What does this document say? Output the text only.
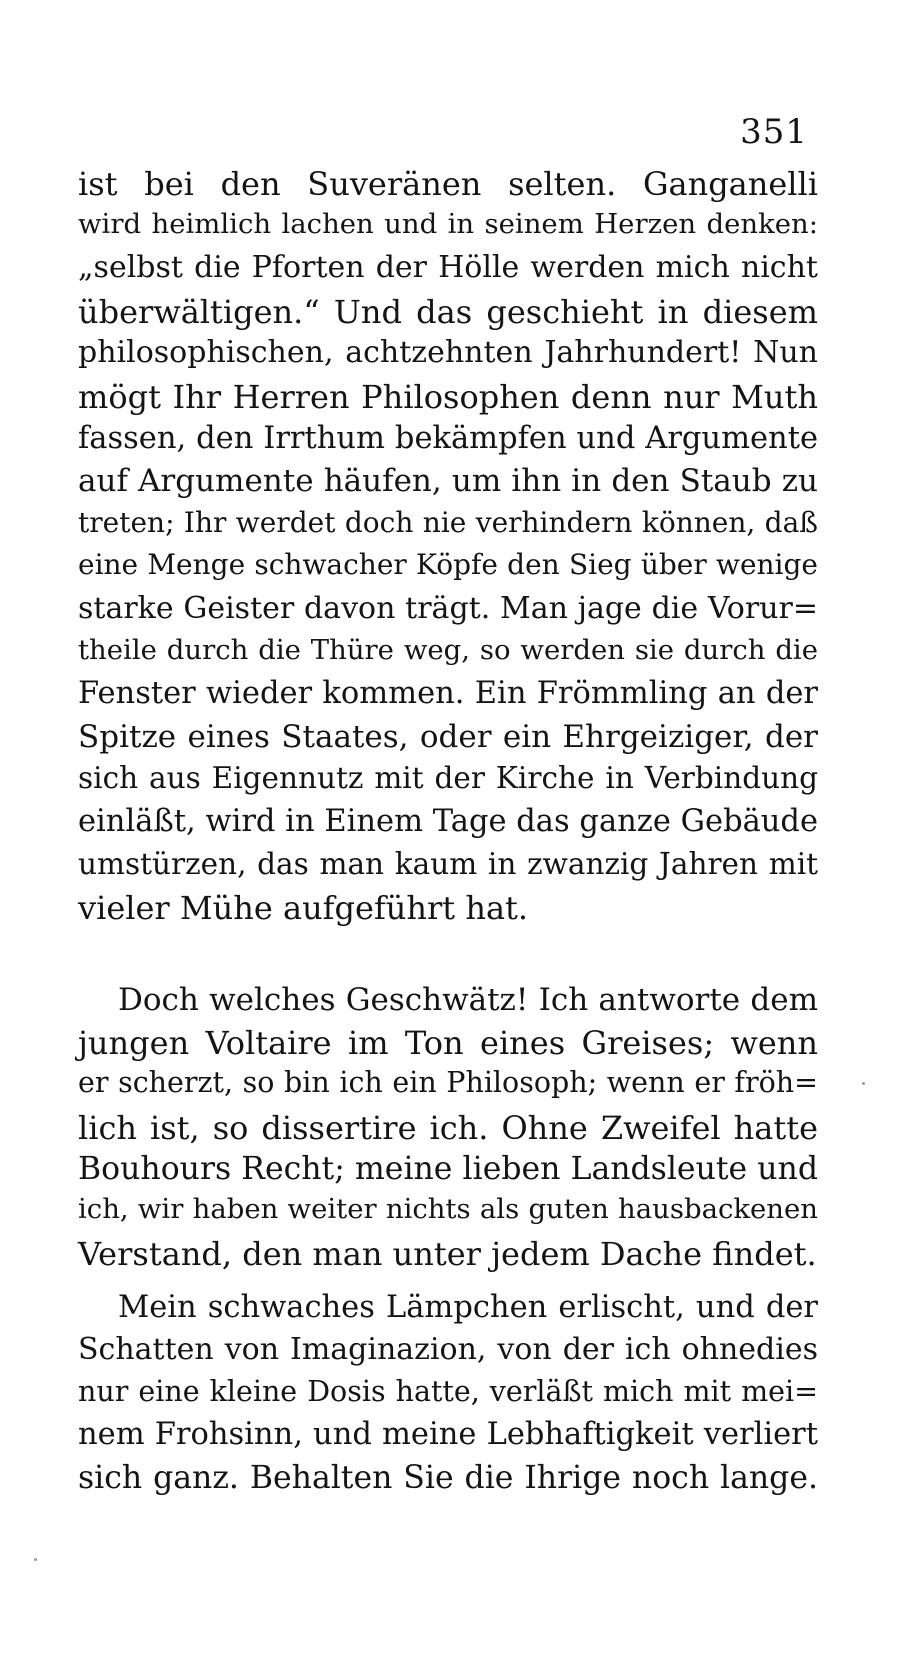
351
ist bei den Suveränen selten. Ganganelli
wird heimlich lachen und in seinem Herzen denken:
„selbst die Pforten der Hölle werden mich nicht
überwältigen.“ Und das geschieht in diesem
philosophischen, achtzehnten Jahrhundert! Nun
mögt Ihr Herren Philosophen denn nur Muth
fassen, den Irrthum bekämpfen und Argumente
auf Argumente häufen, um ihn in den Staub zu
treten; Ihr werdet doch nie verhindern können, daß
eine Menge schwacher Köpfe den Sieg über wenige
starke Geister davon trägt. Man jage die Vorur=
theile durch die Thüre weg, so werden sie durch die
Fenster wieder kommen. Ein Frömmling an der
Spitze eines Staates, oder ein Ehrgeiziger, der
sich aus Eigennutz mit der Kirche in Verbindung
einläßt, wird in Einem Tage das ganze Gebäude
umstürzen, das man kaum in zwanzig Jahren mit
vieler Mühe aufgeführt hat.
Doch welches Geschwätz! Ich antworte dem
jungen Voltaire im Ton eines Greises; wenn
er scherzt, so bin ich ein Philosoph; wenn er fröh=
lich ist, so dissertire ich. Ohne Zweifel hatte
Bouhours Recht; meine lieben Landsleute und
ich, wir haben weiter nichts als guten hausbackenen
Verstand, den man unter jedem Dache findet.
Mein schwaches Lämpchen erlischt, und der
Schatten von Imaginazion, von der ich ohnedies
nur eine kleine Dosis hatte, verläßt mich mit mei=
nem Frohsinn, und meine Lebhaftigkeit verliert
sich ganz. Behalten Sie die Ihrige noch lange.
